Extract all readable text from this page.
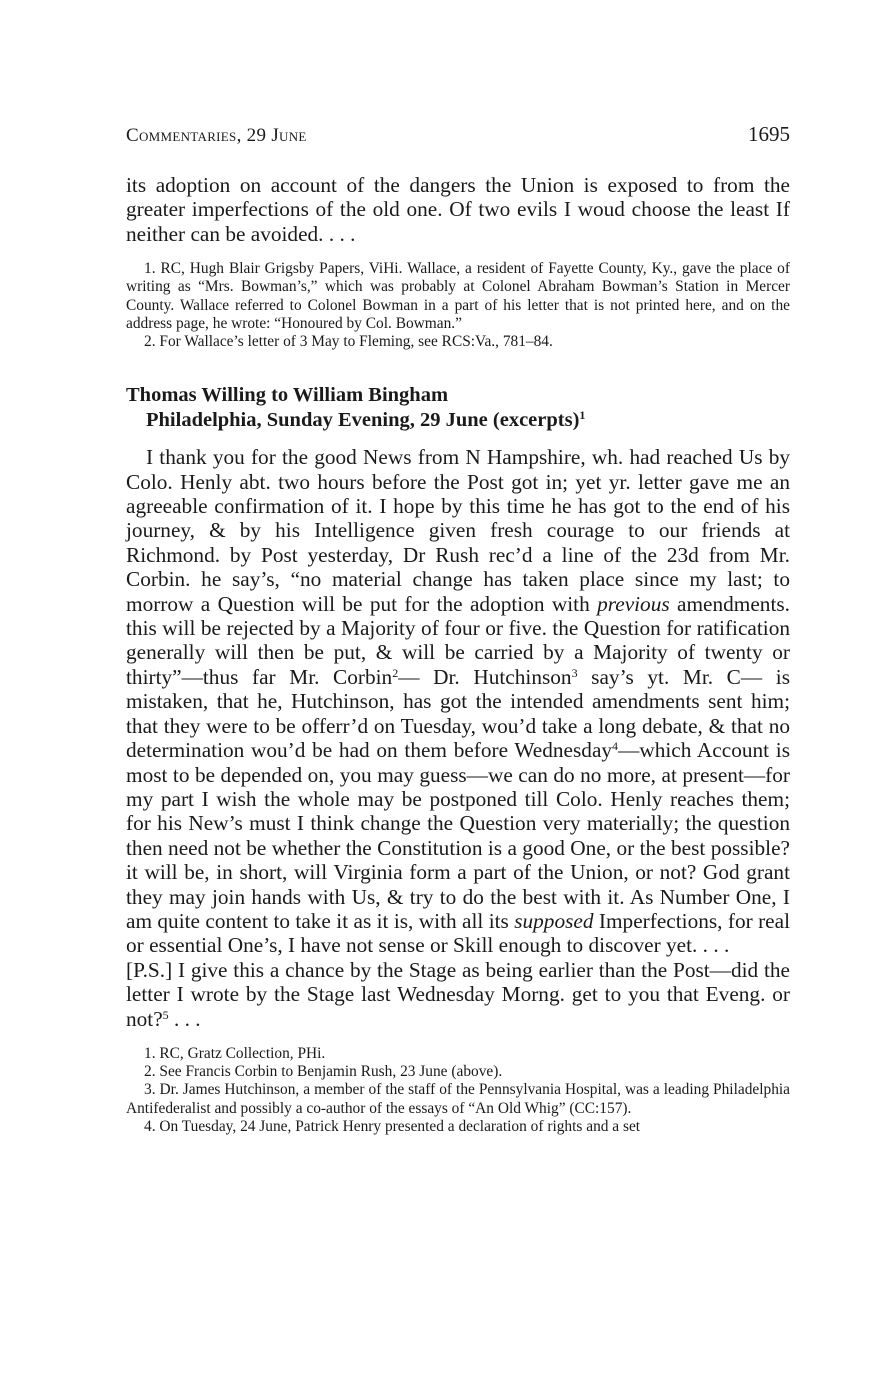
Commentaries, 29 June	1695

its adoption on account of the dangers the Union is exposed to from the greater imperfections of the old one. Of two evils I woud choose the least If neither can be avoided. . . .

1. RC, Hugh Blair Grigsby Papers, ViHi. Wallace, a resident of Fayette County, Ky., gave the place of writing as “Mrs. Bowman’s,” which was probably at Colonel Abraham Bowman’s Station in Mercer County. Wallace referred to Colonel Bowman in a part of his letter that is not printed here, and on the address page, he wrote: “Honoured by Col. Bowman.”

2. For Wallace’s letter of 3 May to Fleming, see RCS:Va., 781–84.

Thomas Willing to William Bingham
Philadelphia, Sunday Evening, 29 June (excerpts)$^1$

I thank you for the good News from N Hampshire, wh. had reached Us by Colo. Henly abt. two hours before the Post got in; yet yr. letter gave me an agreeable confirmation of it. I hope by this time he has got to the end of his journey, & by his Intelligence given fresh courage to our friends at Richmond. by Post yesterday, Dr Rush rec’d a line of the 23d from Mr. Corbin. he say’s, “no material change has taken place since my last; to morrow a Question will be put for the adoption with previous amendments. this will be rejected by a Majority of four or five. the Question for ratification generally will then be put, & will be carried by a Majority of twenty or thirty”—thus far Mr. Corbin$^2$— Dr. Hutchinson$^3$ say’s yt. Mr. C— is mistaken, that he, Hutchinson, has got the intended amendments sent him; that they were to be offerr’d on Tuesday, wou’d take a long debate, & that no determination wou’d be had on them before Wednesday$^4$—which Account is most to be depended on, you may guess—we can do no more, at present—for my part I wish the whole may be postponed till Colo. Henly reaches them; for his New’s must I think change the Question very materially; the question then need not be whether the Constitution is a good One, or the best possible? it will be, in short, will Virginia form a part of the Union, or not? God grant they may join hands with Us, & try to do the best with it. As Number One, I am quite content to take it as it is, with all its supposed Imperfections, for real or essential One’s, I have not sense or Skill enough to discover yet. . . .

[P.S.] I give this a chance by the Stage as being earlier than the Post—did the letter I wrote by the Stage last Wednesday Morng. get to you that Eveng. or not?$^5$ . . .

1. RC, Gratz Collection, PHi.

2. See Francis Corbin to Benjamin Rush, 23 June (above).

3. Dr. James Hutchinson, a member of the staff of the Pennsylvania Hospital, was a leading Philadelphia Antifederalist and possibly a co-author of the essays of “An Old Whig” (CC:157).

4. On Tuesday, 24 June, Patrick Henry presented a declaration of rights and a set
